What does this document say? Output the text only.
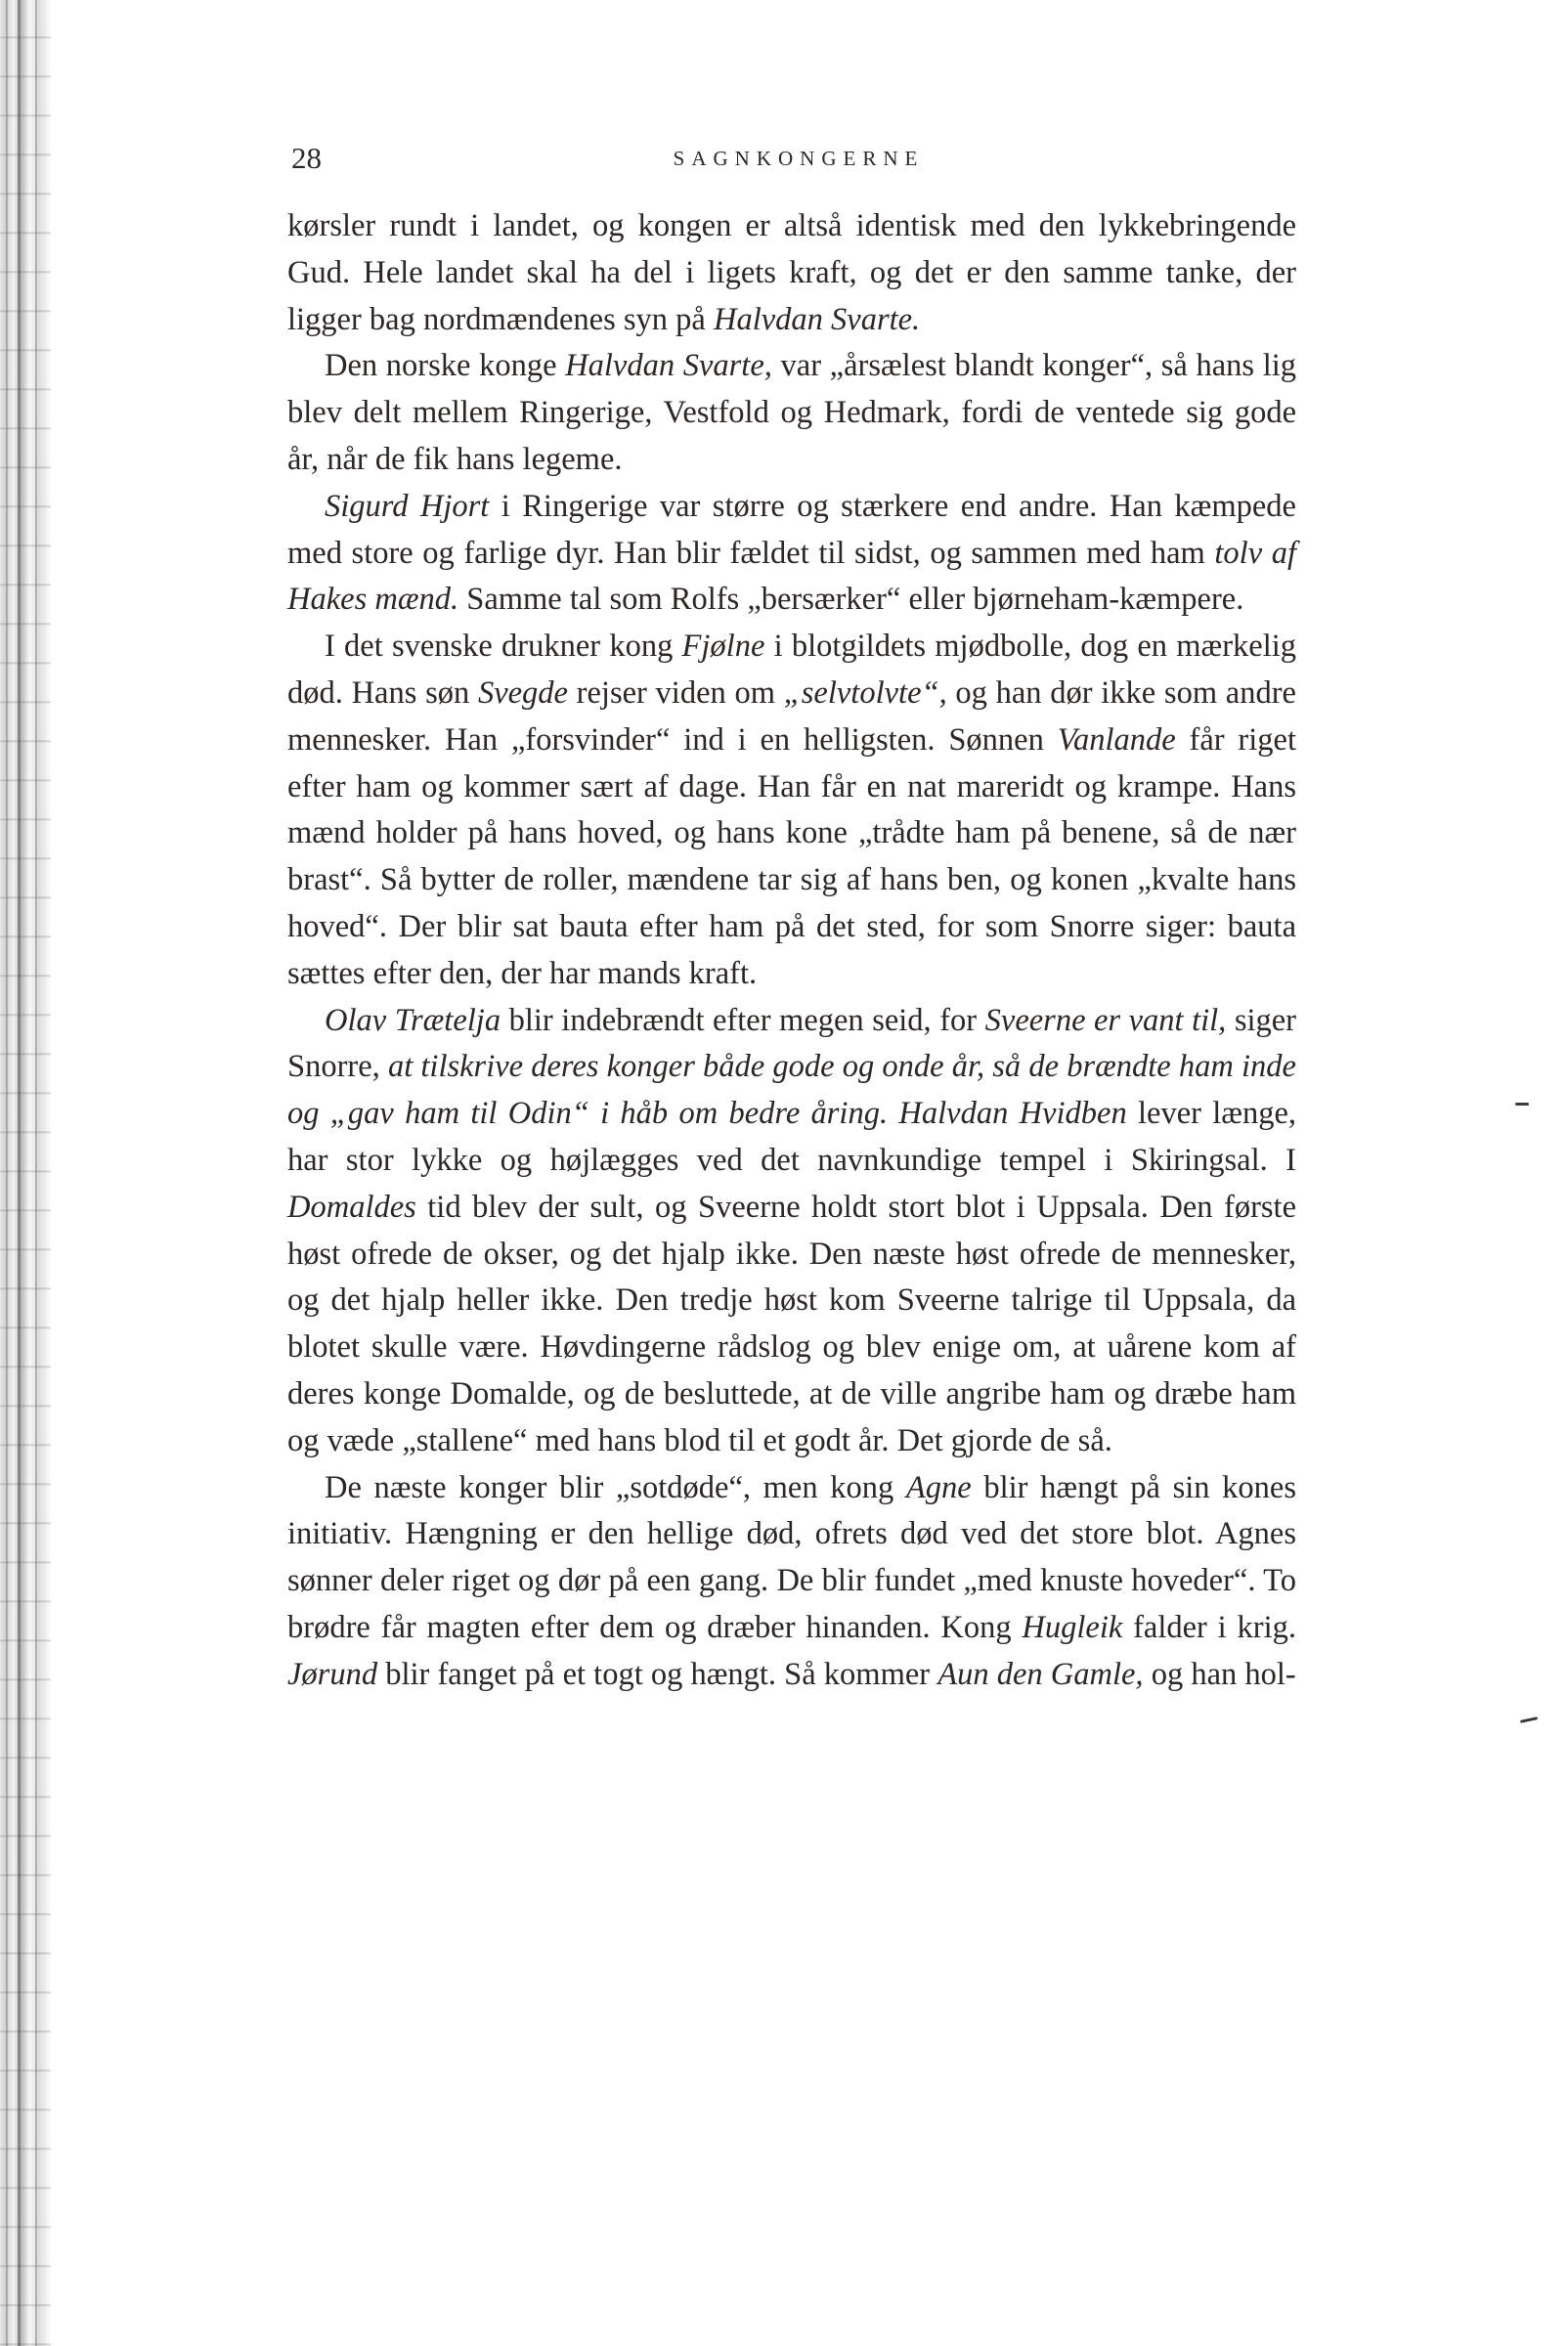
28	SAGNKONGERNE

kørsler rundt i landet, og kongen er altså identisk med den lykkebringende Gud. Hele landet skal ha del i ligets kraft, og det er den samme tanke, der ligger bag nordmændenes syn på Halvdan Svarte.

Den norske konge Halvdan Svarte, var „årsælest blandt konger“, så hans lig blev delt mellem Ringerige, Vestfold og Hedmark, fordi de ventede sig gode år, når de fik hans legeme.

Sigurd Hjort i Ringerige var større og stærkere end andre. Han kæmpede med store og farlige dyr. Han blir fældet til sidst, og sammen med ham tolv af Hakes mænd. Samme tal som Rolfs „bersærker“ eller bjørneham-kæmpere.

I det svenske drukner kong Fjølne i blotgildets mjødbolle, dog en mærkelig død. Hans søn Svegde rejser viden om „selvtolvte“, og han dør ikke som andre mennesker. Han „forsvinder“ ind i en helligsten. Sønnen Vanlande får riget efter ham og kommer sært af dage. Han får en nat mareridt og krampe. Hans mænd holder på hans hoved, og hans kone „trådte ham på benene, så de nær brast“. Så bytter de roller, mændene tar sig af hans ben, og konen „kvalte hans hoved“. Der blir sat bauta efter ham på det sted, for som Snorre siger: bauta sættes efter den, der har mands kraft.

Olav Trætelja blir indebrændt efter megen seid, for Sveerne er vant til, siger Snorre, at tilskrive deres konger både gode og onde år, så de brændte ham inde og „gav ham til Odin“ i håb om bedre åring. Halvdan Hvidben lever længe, har stor lykke og højlægges ved det navnkundige tempel i Skiringsal. I Domaldes tid blev der sult, og Sveerne holdt stort blot i Uppsala. Den første høst ofrede de okser, og det hjalp ikke. Den næste høst ofrede de mennesker, og det hjalp heller ikke. Den tredje høst kom Sveerne talrige til Uppsala, da blotet skulle være. Høvdingerne rådslog og blev enige om, at uårene kom af deres konge Domalde, og de besluttede, at de ville angribe ham og dræbe ham og væde „stallene“ med hans blod til et godt år. Det gjorde de så.

De næste konger blir „sotdøde“, men kong Agne blir hængt på sin kones initiativ. Hængning er den hellige død, ofrets død ved det store blot. Agnes sønner deler riget og dør på een gang. De blir fundet „med knuste hoveder“. To brødre får magten efter dem og dræber hinanden. Kong Hugleik falder i krig. Jørund blir fanget på et togt og hængt. Så kommer Aun den Gamle, og han hol-
